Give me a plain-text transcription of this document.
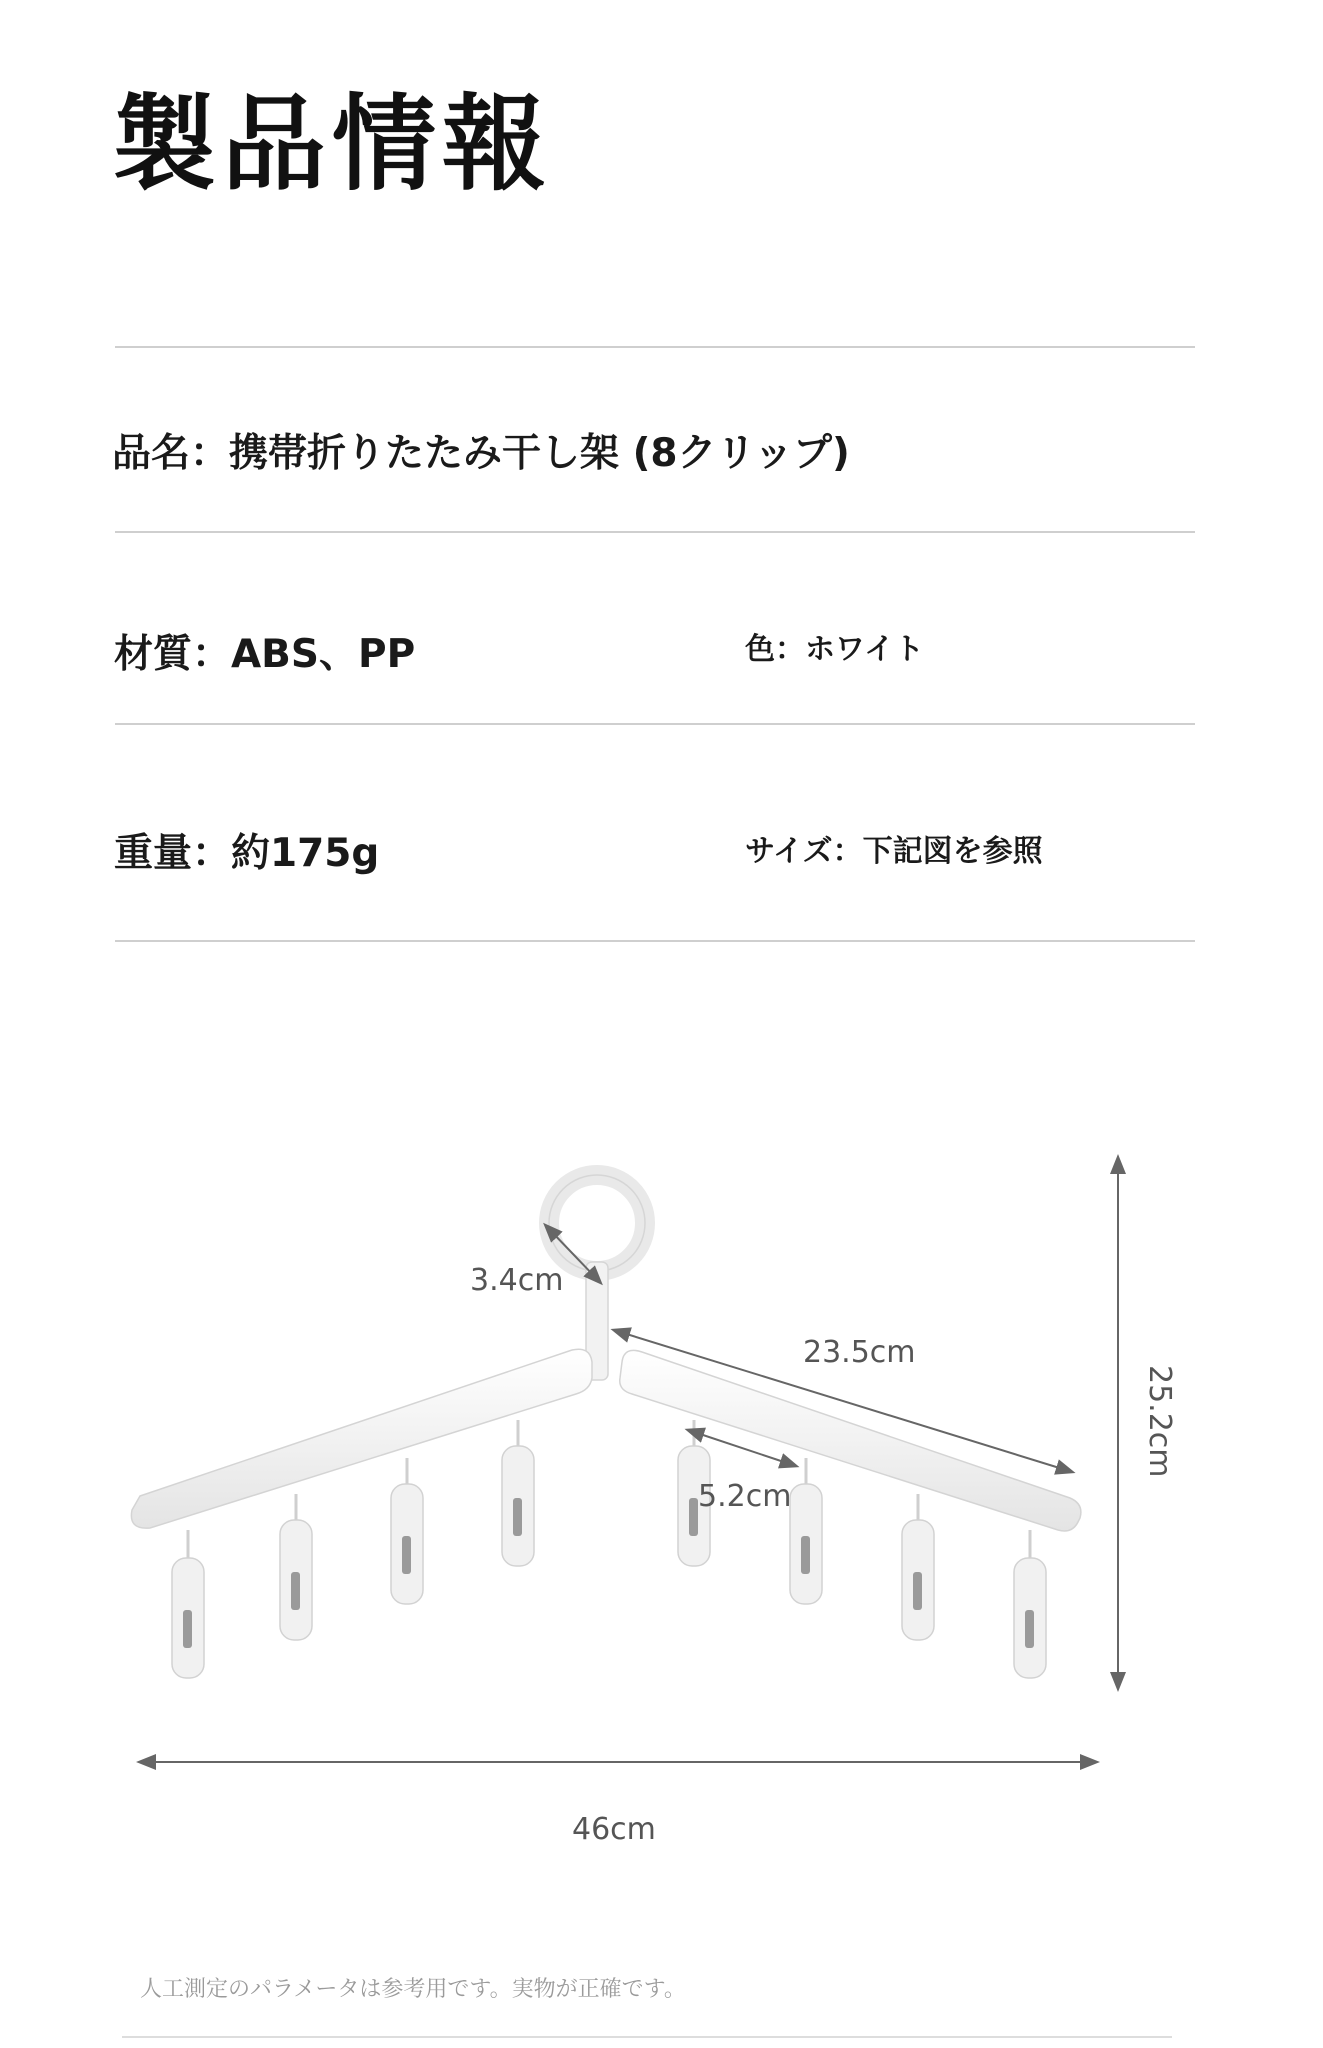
製品情報
品名：携帯折りたたみ干し架 (8クリップ)
材質：ABS、PP	色：ホワイト
重量：約175g	サイズ：下記図を参照
3.4cm
23.5cm
5.2cm
25.2cm
46cm
人工測定のパラメータは参考用です。実物が正確です。
